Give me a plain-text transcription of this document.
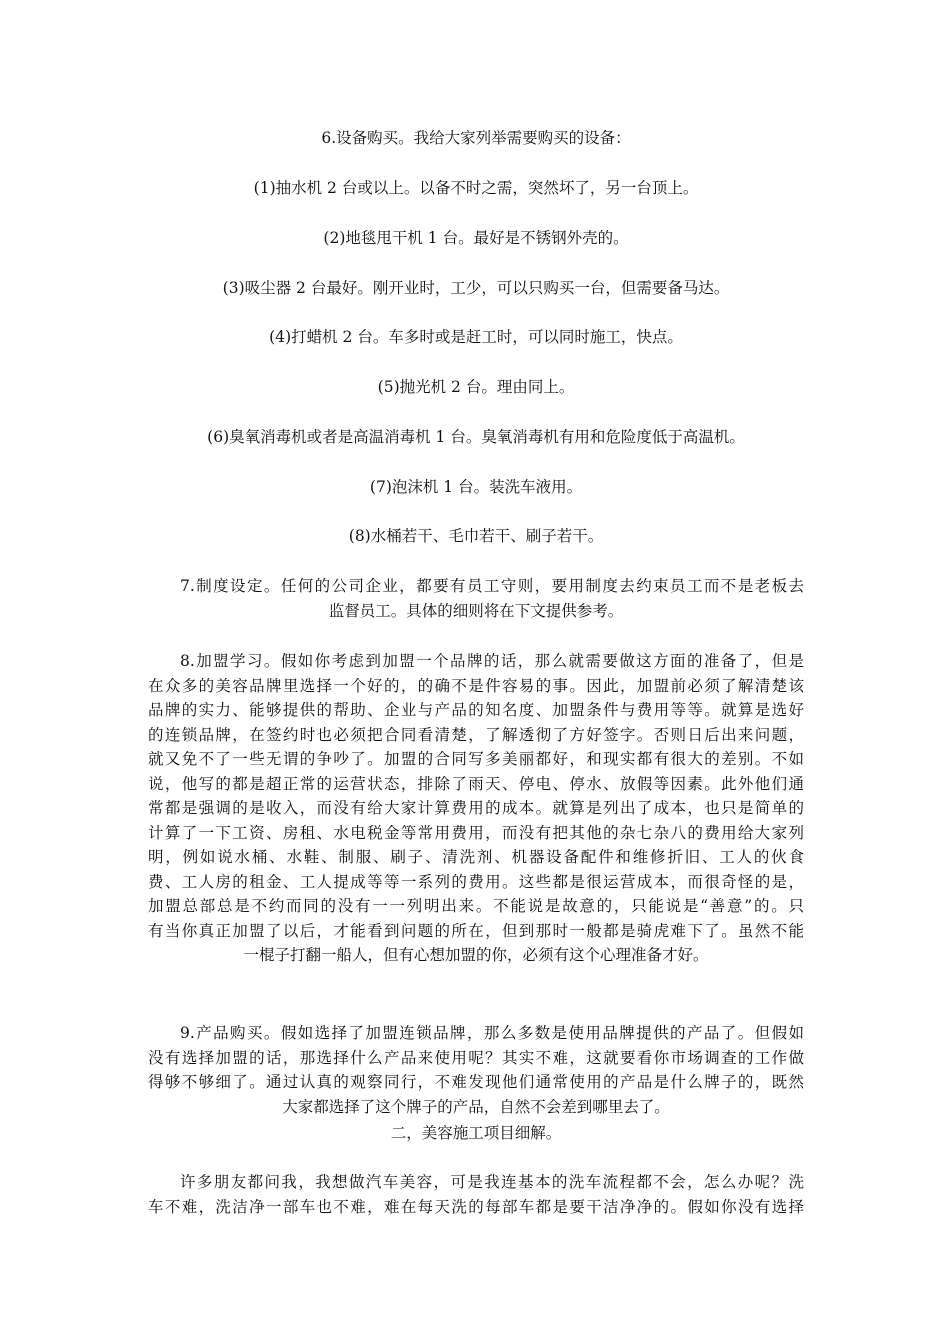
6.设备购买。我给大家列举需要购买的设备：
(1)抽水机 2 台或以上。以备不时之需，突然坏了，另一台顶上。
(2)地毯甩干机 1 台。最好是不锈钢外壳的。
(3)吸尘器 2 台最好。刚开业时，工少，可以只购买一台，但需要备马达。
(4)打蜡机 2 台。车多时或是赶工时，可以同时施工，快点。
(5)抛光机 2 台。理由同上。
(6)臭氧消毒机或者是高温消毒机 1 台。臭氧消毒机有用和危险度低于高温机。
(7)泡沫机 1 台。装洗车液用。
(8)水桶若干、毛巾若干、刷子若干。
7.制度设定。任何的公司企业，都要有员工守则，要用制度去约束员工而不是老板去
监督员工。具体的细则将在下文提供参考。
8.加盟学习。假如你考虑到加盟一个品牌的话，那么就需要做这方面的准备了，但是
在众多的美容品牌里选择一个好的，的确不是件容易的事。因此，加盟前必须了解清楚该
品牌的实力、能够提供的帮助、企业与产品的知名度、加盟条件与费用等等。就算是选好
的连锁品牌，在签约时也必须把合同看清楚，了解透彻了方好签字。否则日后出来问题，
就又免不了一些无谓的争吵了。加盟的合同写多美丽都好，和现实都有很大的差别。不如
说，他写的都是超正常的运营状态，排除了雨天、停电、停水、放假等因素。此外他们通
常都是强调的是收入，而没有给大家计算费用的成本。就算是列出了成本，也只是简单的
计算了一下工资、房租、水电税金等常用费用，而没有把其他的杂七杂八的费用给大家列
明，例如说水桶、水鞋、制服、刷子、清洗剂、机器设备配件和维修折旧、工人的伙食
费、工人房的租金、工人提成等等一系列的费用。这些都是很运营成本，而很奇怪的是，
加盟总部总是不约而同的没有一一列明出来。不能说是故意的，只能说是“善意”的。只
有当你真正加盟了以后，才能看到问题的所在，但到那时一般都是骑虎难下了。虽然不能
一棍子打翻一船人，但有心想加盟的你，必须有这个心理准备才好。
9.产品购买。假如选择了加盟连锁品牌，那么多数是使用品牌提供的产品了。但假如
没有选择加盟的话，那选择什么产品来使用呢？其实不难，这就要看你市场调查的工作做
得够不够细了。通过认真的观察同行，不难发现他们通常使用的产品是什么牌子的，既然
大家都选择了这个牌子的产品，自然不会差到哪里去了。
二，美容施工项目细解。
许多朋友都问我，我想做汽车美容，可是我连基本的洗车流程都不会，怎么办呢？洗
车不难，洗洁净一部车也不难，难在每天洗的每部车都是要干洁净净的。假如你没有选择
